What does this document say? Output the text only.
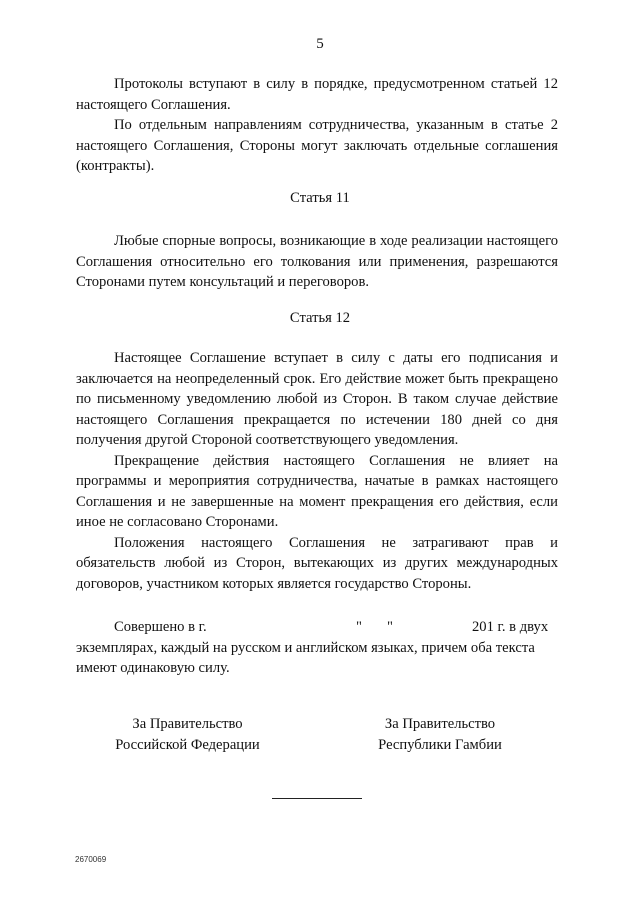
5

Протоколы вступают в силу в порядке, предусмотренном статьей 12 настоящего Соглашения.

По отдельным направлениям сотрудничества, указанным в статье 2 настоящего Соглашения, Стороны могут заключать отдельные соглашения (контракты).

Статья 11

Любые спорные вопросы, возникающие в ходе реализации настоящего Соглашения относительно его толкования или применения, разрешаются Сторонами путем консультаций и переговоров.

Статья 12

Настоящее Соглашение вступает в силу с даты его подписания и заключается на неопределенный срок. Его действие может быть прекращено по письменному уведомлению любой из Сторон. В таком случае действие настоящего Соглашения прекращается по истечении 180 дней со дня получения другой Стороной соответствующего уведомления.

Прекращение действия настоящего Соглашения не влияет на программы и мероприятия сотрудничества, начатые в рамках настоящего Соглашения и не завершенные на момент прекращения его действия, если иное не согласовано Сторонами.

Положения настоящего Соглашения не затрагивают прав и обязательств любой из Сторон, вытекающих из других международных договоров, участником которых является государство Стороны.

Совершено в г.	" "	201 г. в двух

экземплярах, каждый на русском и английском языках, причем оба текста имеют одинаковую силу.

За Правительство
Российской Федерации
За Правительство
Республики Гамбии
2670069
